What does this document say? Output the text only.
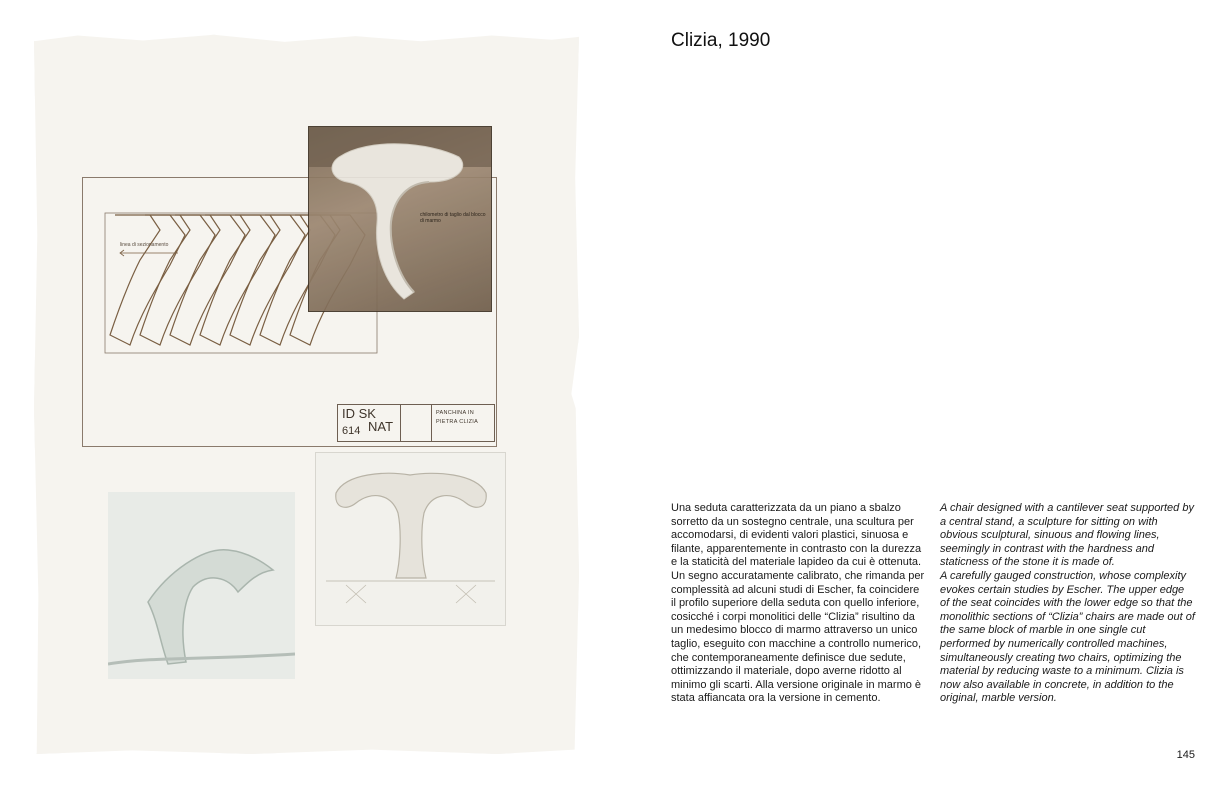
linea di sezionamento
chilometro di taglio dal blocco di marmo
ID SK
614 NAT
PANCHINA IN
PIETRA CLIZIA
Clizia, 1990

Una seduta caratterizzata da un piano a sbalzo sorretto da un sostegno centrale, una scultura per accomodarsi, di evidenti valori plastici, sinuosa e filante, apparentemente in contrasto con la durezza e la staticità del materiale lapideo da cui è ottenuta. Un segno accuratamente calibrato, che rimanda per complessità ad alcuni studi di Escher, fa coincidere il profilo superiore della seduta con quello inferiore, cosicché i corpi monolitici delle “Clizia” risultino da un medesimo blocco di marmo attraverso un unico taglio, eseguito con macchine a controllo numerico, che contemporaneamente definisce due sedute, ottimizzando il materiale, dopo averne ridotto al minimo gli scarti. Alla versione originale in marmo è stata affiancata ora la versione in cemento.

A chair designed with a cantilever seat supported by a central stand, a sculpture for sitting on with obvious sculptural, sinuous and flowing lines, seemingly in contrast with the hardness and staticness of the stone it is made of.

A carefully gauged construction, whose complexity evokes certain studies by Escher. The upper edge of the seat coincides with the lower edge so that the monolithic sections of “Clizia” chairs are made out of the same block of marble in one single cut performed by numerically controlled machines, simultaneously creating two chairs, optimizing the material by reducing waste to a minimum. Clizia is now also available in concrete, in addition to the original, marble version.

145
